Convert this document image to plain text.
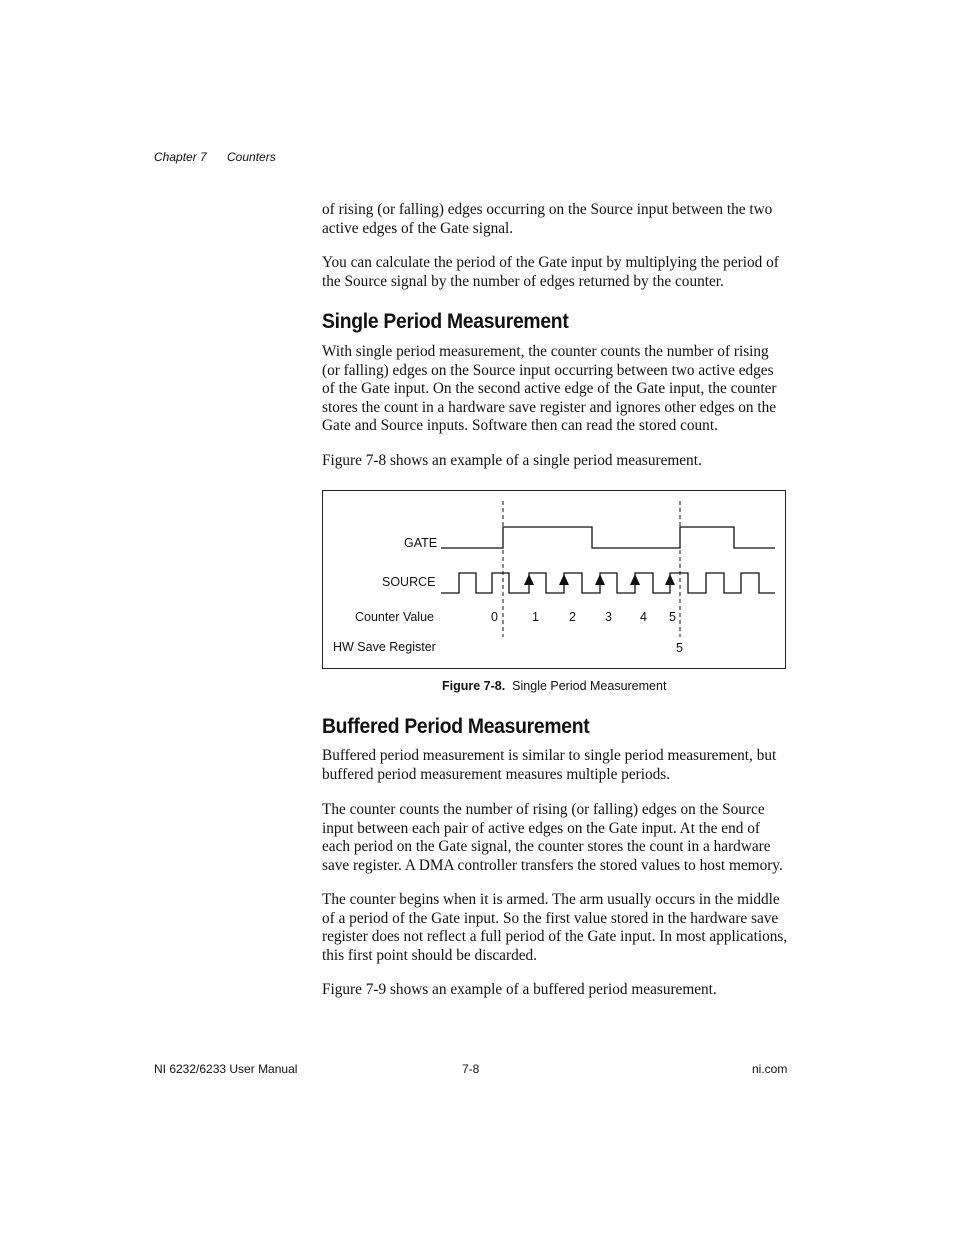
Chapter 7 Counters

of rising (or falling) edges occurring on the Source input between the two active edges of the Gate signal.

You can calculate the period of the Gate input by multiplying the period of the Source signal by the number of edges returned by the counter.

Single Period Measurement

With single period measurement, the counter counts the number of rising (or falling) edges on the Source input occurring between two active edges of the Gate input. On the second active edge of the Gate input, the counter stores the count in a hardware save register and ignores other edges on the Gate and Source inputs. Software then can read the stored count.

Figure 7-8 shows an example of a single period measurement.

GATE
SOURCE
Counter Value
HW Save Register
0	1 2 3 4 5
5
Figure 7-8. Single Period Measurement
Buffered Period Measurement

Buffered period measurement is similar to single period measurement, but buffered period measurement measures multiple periods.

The counter counts the number of rising (or falling) edges on the Source input between each pair of active edges on the Gate input. At the end of each period on the Gate signal, the counter stores the count in a hardware save register. A DMA controller transfers the stored values to host memory.

The counter begins when it is armed. The arm usually occurs in the middle of a period of the Gate input. So the first value stored in the hardware save register does not reflect a full period of the Gate input. In most applications, this first point should be discarded.

Figure 7-9 shows an example of a buffered period measurement.

NI 6232/6233 User Manual	7-8	ni.com
